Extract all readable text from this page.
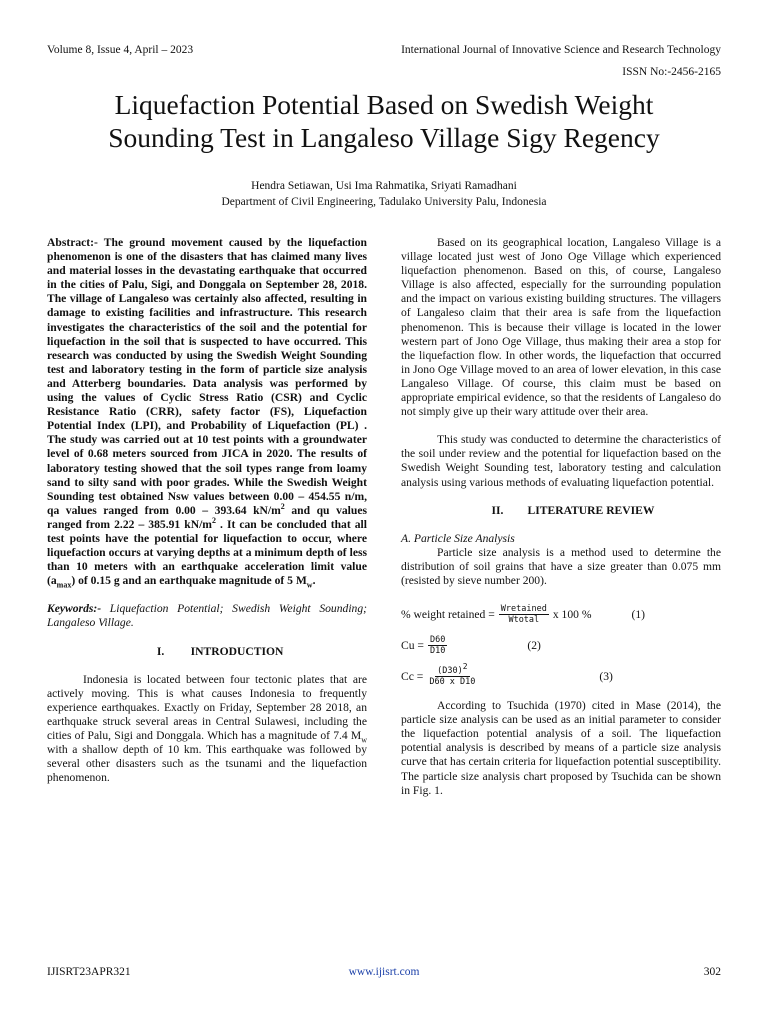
Volume 8, Issue 4, April – 2023	International Journal of Innovative Science and Research Technology
ISSN No:-2456-2165
Liquefaction Potential Based on Swedish Weight
Sounding Test in Langaleso Village Sigy Regency
Hendra Setiawan, Usi Ima Rahmatika, Sriyati Ramadhani
Department of Civil Engineering, Tadulako University Palu, Indonesia

Abstract:- The ground movement caused by the liquefaction phenomenon is one of the disasters that has claimed many lives and material losses in the devastating earthquake that occurred in the cities of Palu, Sigi, and Donggala on September 28, 2018. The village of Langaleso was certainly also affected, resulting in damage to existing facilities and infrastructure. This research investigates the characteristics of the soil and the potential for liquefaction in the soil that is suspected to have occurred. This research was conducted by using the Swedish Weight Sounding test and laboratory testing in the form of particle size analysis and Atterberg boundaries. Data analysis was performed by using the values of Cyclic Stress Ratio (CSR) and Cyclic Resistance Ratio (CRR), safety factor (FS), Liquefaction Potential Index (LPI), and Probability of Liquefaction (PL) . The study was carried out at 10 test points with a groundwater level of 0.68 meters sourced from JICA in 2020. The results of laboratory testing showed that the soil types range from loamy sand to silty sand with poor grades. While the Swedish Weight Sounding test obtained Nsw values between 0.00 – 454.55 n/m, qa values ranged from 0.00 – 393.64 $kN/m^2$ and qu values ranged from 2.22 – 385.91 $kN/m^2$ . It can be concluded that all test points have the potential for liquefaction to occur, where liquefaction occurs at varying depths at a minimum depth of less than 10 meters with an earthquake acceleration limit value $(a_{max})$ of 0.15 g and an earthquake magnitude of 5 $M_w$.

Keywords:- Liquefaction Potential; Swedish Weight Sounding; Langaleso Village.

I. INTRODUCTION

Indonesia is located between four tectonic plates that are actively moving. This is what causes Indonesia to frequently experience earthquakes. Exactly on Friday, September 28 2018, an earthquake struck several areas in Central Sulawesi, including the cities of Palu, Sigi and Donggala. Which has a magnitude of 7.4 $M_w$ with a shallow depth of 10 km. This earthquake was followed by several other disasters such as the tsunami and the liquefaction phenomenon.

Based on its geographical location, Langaleso Village is a village located just west of Jono Oge Village which experienced liquefaction phenomenon. Based on this, of course, Langaleso Village is also affected, especially for the surrounding population and the impact on various existing building structures. The villagers of Langaleso claim that their area is safe from the liquefaction phenomenon. This is because their village is located in the lower western part of Jono Oge Village, thus making their area a stop for the liquefaction flow. In other words, the liquefaction that occurred in Jono Oge Village moved to an area of lower elevation, in this case Langaleso Village. Of course, this claim must be based on appropriate empirical evidence, so that the residents of Langaleso do not simply give up their wary attitude over their area.

This study was conducted to determine the characteristics of the soil under review and the potential for liquefaction based on the Swedish Weight Sounding test, laboratory testing and calculation analysis using various methods of evaluating liquefaction potential.

II. LITERATURE REVIEW
A. Particle Size Analysis

Particle size analysis is a method used to determine the distribution of soil grains that have a size greater than 0.075 mm (resisted by sieve number 200).

% weight retained = $\frac{\text{Wretained}}{\text{Wtotal}}$ x 100 %	(1)
$Cu = \frac{D60}{D10}$	(2)
$Cc = \frac{(D30)^2}{\text{D60 x D10}}$	(3)

According to Tsuchida (1970) cited in Mase (2014), the particle size analysis can be used as an initial parameter to consider the liquefaction potential analysis of a soil. The liquefaction potential analysis is described by means of a particle size analysis curve that has certain criteria for liquefaction potential susceptibility. The particle size analysis chart proposed by Tsuchida can be shown in Fig. 1.

IJISRT23APR321	www.ijisrt.com	302
